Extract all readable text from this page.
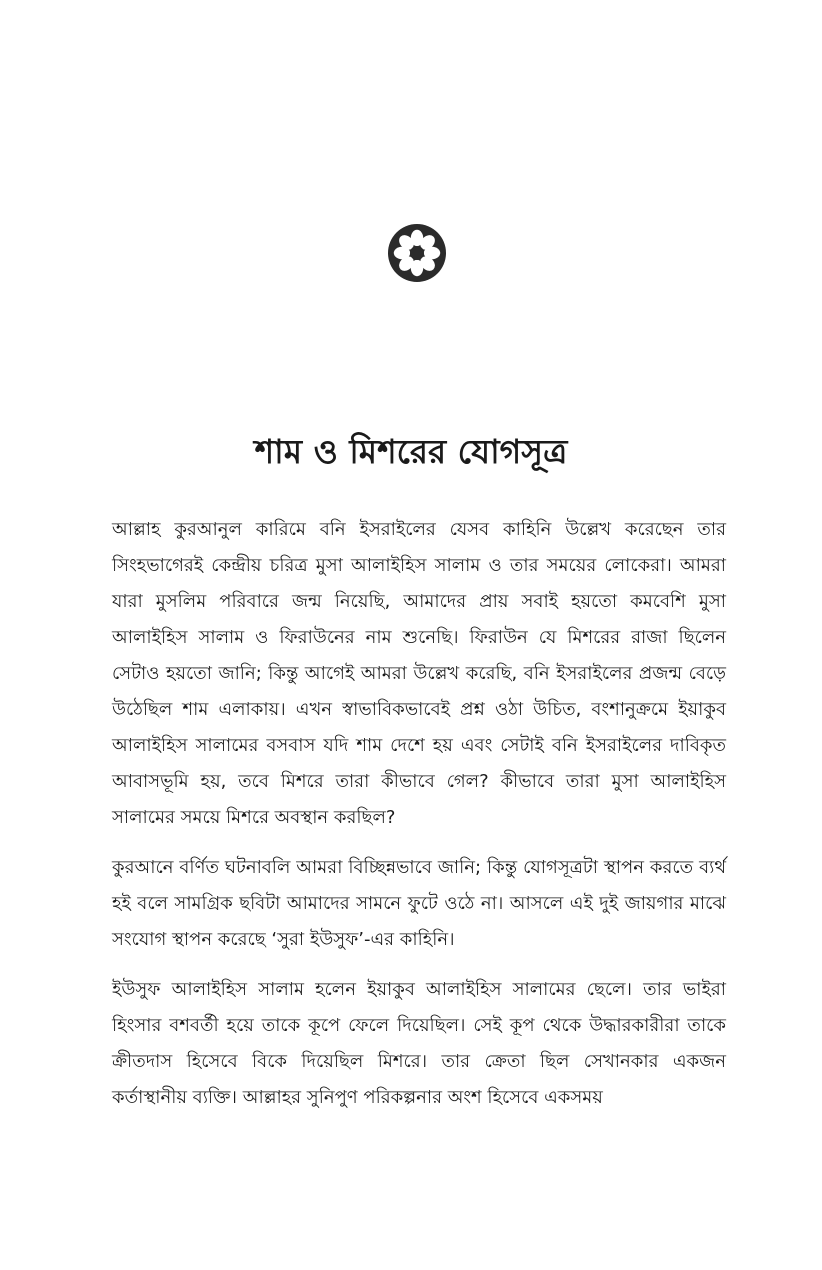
শাম ও মিশরের যোগসূত্র

আল্লাহ কুরআনুল কারিমে বনি ইসরাইলের যেসব কাহিনি উল্লেখ করেছেন তার সিংহভাগেরই কেন্দ্রীয় চরিত্র মুসা আলাইহিস সালাম ও তার সময়ের লোকেরা। আমরা যারা মুসলিম পরিবারে জন্ম নিয়েছি, আমাদের প্রায় সবাই হয়তো কমবেশি মুসা আলাইহিস সালাম ও ফিরাউনের নাম শুনেছি। ফিরাউন যে মিশরের রাজা ছিলেন সেটাও হয়তো জানি; কিন্তু আগেই আমরা উল্লেখ করেছি, বনি ইসরাইলের প্রজন্ম বেড়ে উঠেছিল শাম এলাকায়। এখন স্বাভাবিকভাবেই প্রশ্ন ওঠা উচিত, বংশানুক্রমে ইয়াকুব আলাইহিস সালামের বসবাস যদি শাম দেশে হয় এবং সেটাই বনি ইসরাইলের দাবিকৃত আবাসভূমি হয়, তবে মিশরে তারা কীভাবে গেল? কীভাবে তারা মুসা আলাইহিস সালামের সময়ে মিশরে অবস্থান করছিল?

কুরআনে বর্ণিত ঘটনাবলি আমরা বিচ্ছিন্নভাবে জানি; কিন্তু যোগসূত্রটা স্থাপন করতে ব্যর্থ হই বলে সামগ্রিক ছবিটা আমাদের সামনে ফুটে ওঠে না। আসলে এই দুই জায়গার মাঝে সংযোগ স্থাপন করেছে ‘সুরা ইউসুফ’-এর কাহিনি।

ইউসুফ আলাইহিস সালাম হলেন ইয়াকুব আলাইহিস সালামের ছেলে। তার ভাইরা হিংসার বশবর্তী হয়ে তাকে কূপে ফেলে দিয়েছিল। সেই কূপ থেকে উদ্ধারকারীরা তাকে ক্রীতদাস হিসেবে বিকে দিয়েছিল মিশরে। তার ক্রেতা ছিল সেখানকার একজন কর্তাস্থানীয় ব্যক্তি। আল্লাহর সুনিপুণ পরিকল্পনার অংশ হিসেবে একসময়
